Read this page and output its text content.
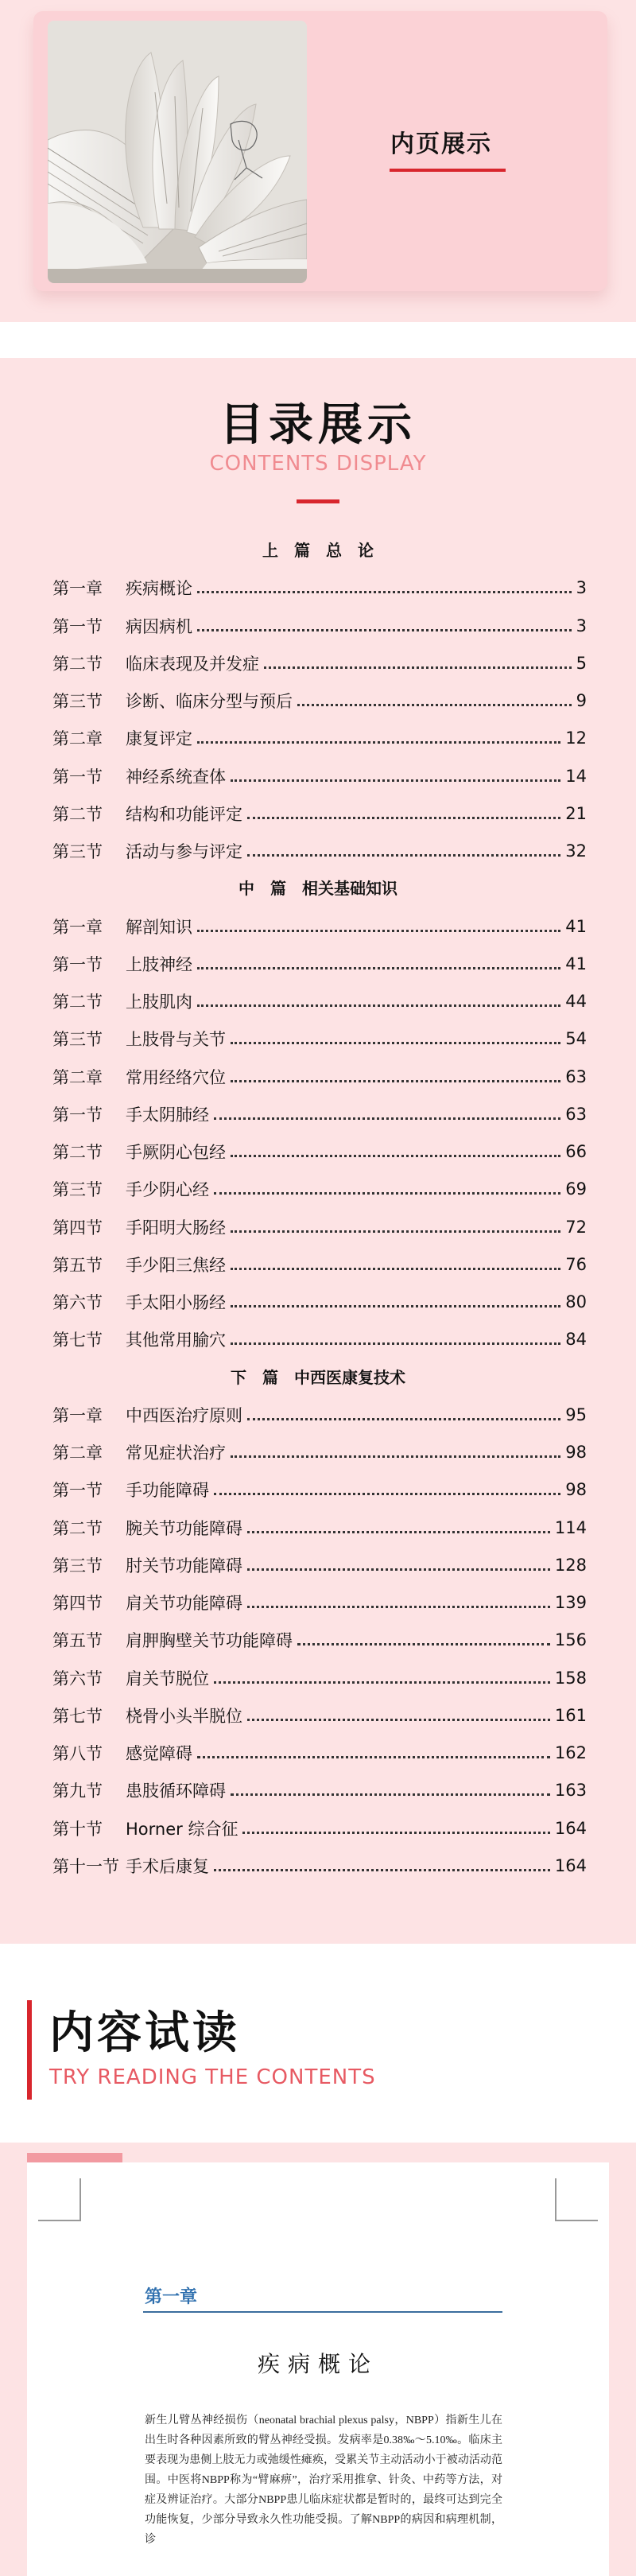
内页展示
目录展示
CONTENTS DISPLAY
上　篇　总　论
第一章	疾病概论	3
第一节	病因病机	3
第二节	临床表现及并发症	5
第三节	诊断、临床分型与预后	9
第二章	康复评定	12
第一节	神经系统查体	14
第二节	结构和功能评定	21
第三节	活动与参与评定	32
中　篇　相关基础知识
第一章	解剖知识	41
第一节	上肢神经	41
第二节	上肢肌肉	44
第三节	上肢骨与关节	54
第二章	常用经络穴位	63
第一节	手太阴肺经	63
第二节	手厥阴心包经	66
第三节	手少阴心经	69
第四节	手阳明大肠经	72
第五节	手少阳三焦经	76
第六节	手太阳小肠经	80
第七节	其他常用腧穴	84
下　篇　中西医康复技术
第一章	中西医治疗原则	95
第二章	常见症状治疗	98
第一节	手功能障碍	98
第二节	腕关节功能障碍	114
第三节	肘关节功能障碍	128
第四节	肩关节功能障碍	139
第五节	肩胛胸壁关节功能障碍	156
第六节	肩关节脱位	158
第七节	桡骨小头半脱位	161
第八节	感觉障碍	162
第九节	患肢循环障碍	163
第十节	Horner 综合征	164
第十一节 手术后康复	164
内容试读
TRY READING THE CONTENTS
第一章
疾病概论
新生儿臂丛神经损伤（neonatal brachial plexus palsy，NBPP）指新生儿在出生时各种因素所致的臂丛神经受损。发病率是0.38‰～5.10‰。临床主要表现为患侧上肢无力或弛缓性瘫痪，受累关节主动活动小于被动活动范围。中医将NBPP称为“臂麻痹”，治疗采用推拿、针灸、中药等方法，对症及辨证治疗。大部分NBPP患儿临床症状都是暂时的，最终可达到完全功能恢复，少部分导致永久性功能受损。了解NBPP的病因和病理机制，诊
